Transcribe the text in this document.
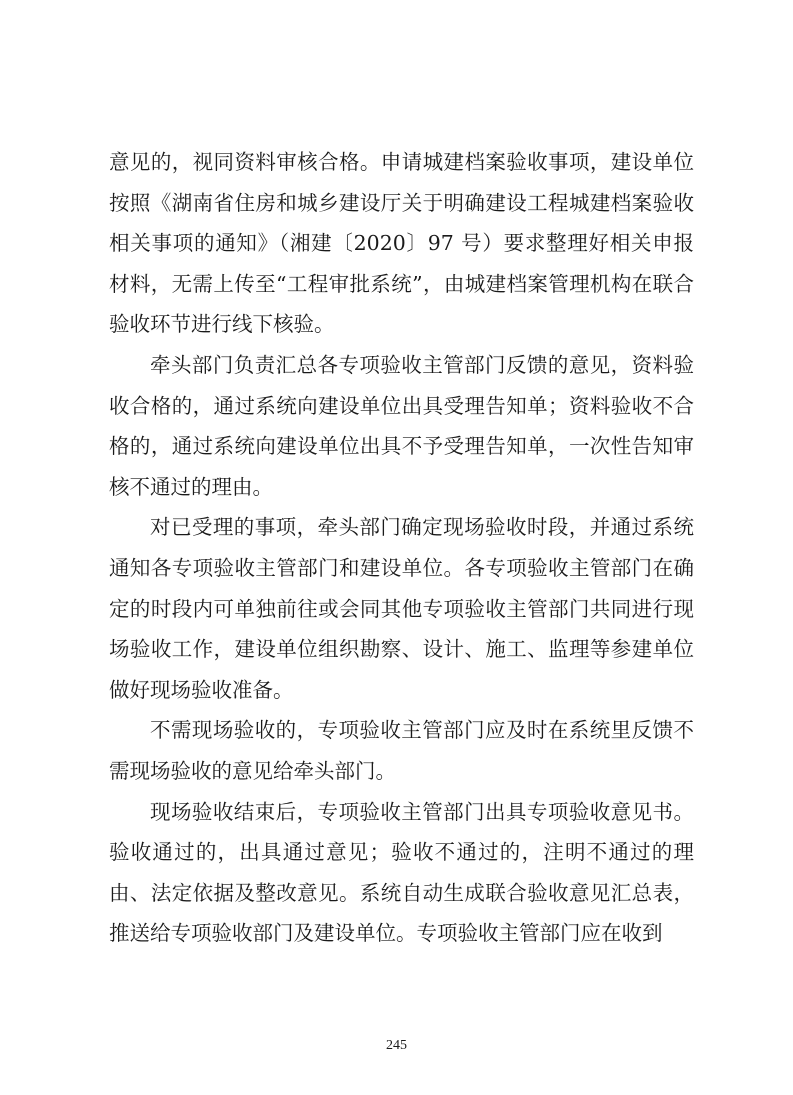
意见的，视同资料审核合格。申请城建档案验收事项，建设单位按照《湖南省住房和城乡建设厅关于明确建设工程城建档案验收相关事项的通知》（湘建〔2020〕97 号）要求整理好相关申报材料，无需上传至“工程审批系统”，由城建档案管理机构在联合验收环节进行线下核验。

牵头部门负责汇总各专项验收主管部门反馈的意见，资料验收合格的，通过系统向建设单位出具受理告知单；资料验收不合格的，通过系统向建设单位出具不予受理告知单，一次性告知审核不通过的理由。

对已受理的事项，牵头部门确定现场验收时段，并通过系统通知各专项验收主管部门和建设单位。各专项验收主管部门在确定的时段内可单独前往或会同其他专项验收主管部门共同进行现场验收工作，建设单位组织勘察、设计、施工、监理等参建单位做好现场验收准备。

不需现场验收的，专项验收主管部门应及时在系统里反馈不需现场验收的意见给牵头部门。

现场验收结束后，专项验收主管部门出具专项验收意见书。验收通过的，出具通过意见；验收不通过的，注明不通过的理由、法定依据及整改意见。系统自动生成联合验收意见汇总表，推送给专项验收部门及建设单位。专项验收主管部门应在收到

245
